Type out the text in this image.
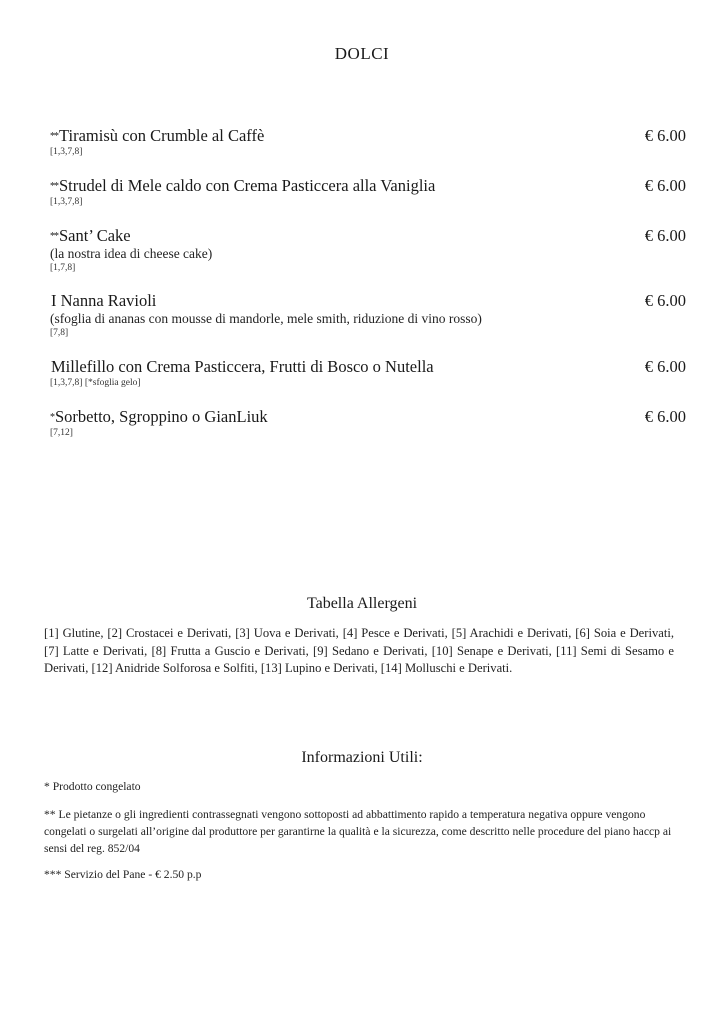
DOLCI
**Tiramisù con Crumble al Caffè	€ 6.00
[1,3,7,8]
**Strudel di Mele caldo con Crema Pasticcera alla Vaniglia	€ 6.00
[1,3,7,8]
**Sant’ Cake	€ 6.00
(la nostra idea di cheese cake)
[1,7,8]
I Nanna Ravioli	€ 6.00
(sfoglia di ananas con mousse di mandorle, mele smith, riduzione di vino rosso)
[7,8]
Millefillo con Crema Pasticcera, Frutti di Bosco o Nutella	€ 6.00
[1,3,7,8] [*sfoglia gelo]
*Sorbetto, Sgroppino o GianLiuk	€ 6.00
[7,12]
Tabella Allergeni
[1] Glutine, [2] Crostacei e Derivati, [3] Uova e Derivati, [4] Pesce e Derivati, [5] Arachidi e Derivati, [6] Soia e Derivati, [7] Latte e Derivati, [8] Frutta a Guscio e Derivati, [9] Sedano e Derivati, [10] Senape e Derivati, [11] Semi di Sesamo e Derivati, [12] Anidride Solforosa e Solfiti, [13] Lupino e Derivati, [14] Molluschi e Derivati.
Informazioni Utili:
* Prodotto congelato
** Le pietanze o gli ingredienti contrassegnati vengono sottoposti ad abbattimento rapido a temperatura negativa oppure vengono congelati o surgelati all’origine dal produttore per garantirne la qualità e la sicurezza, come descritto nelle procedure del piano haccp ai sensi del reg. 852/04
*** Servizio del Pane - € 2.50 p.p
